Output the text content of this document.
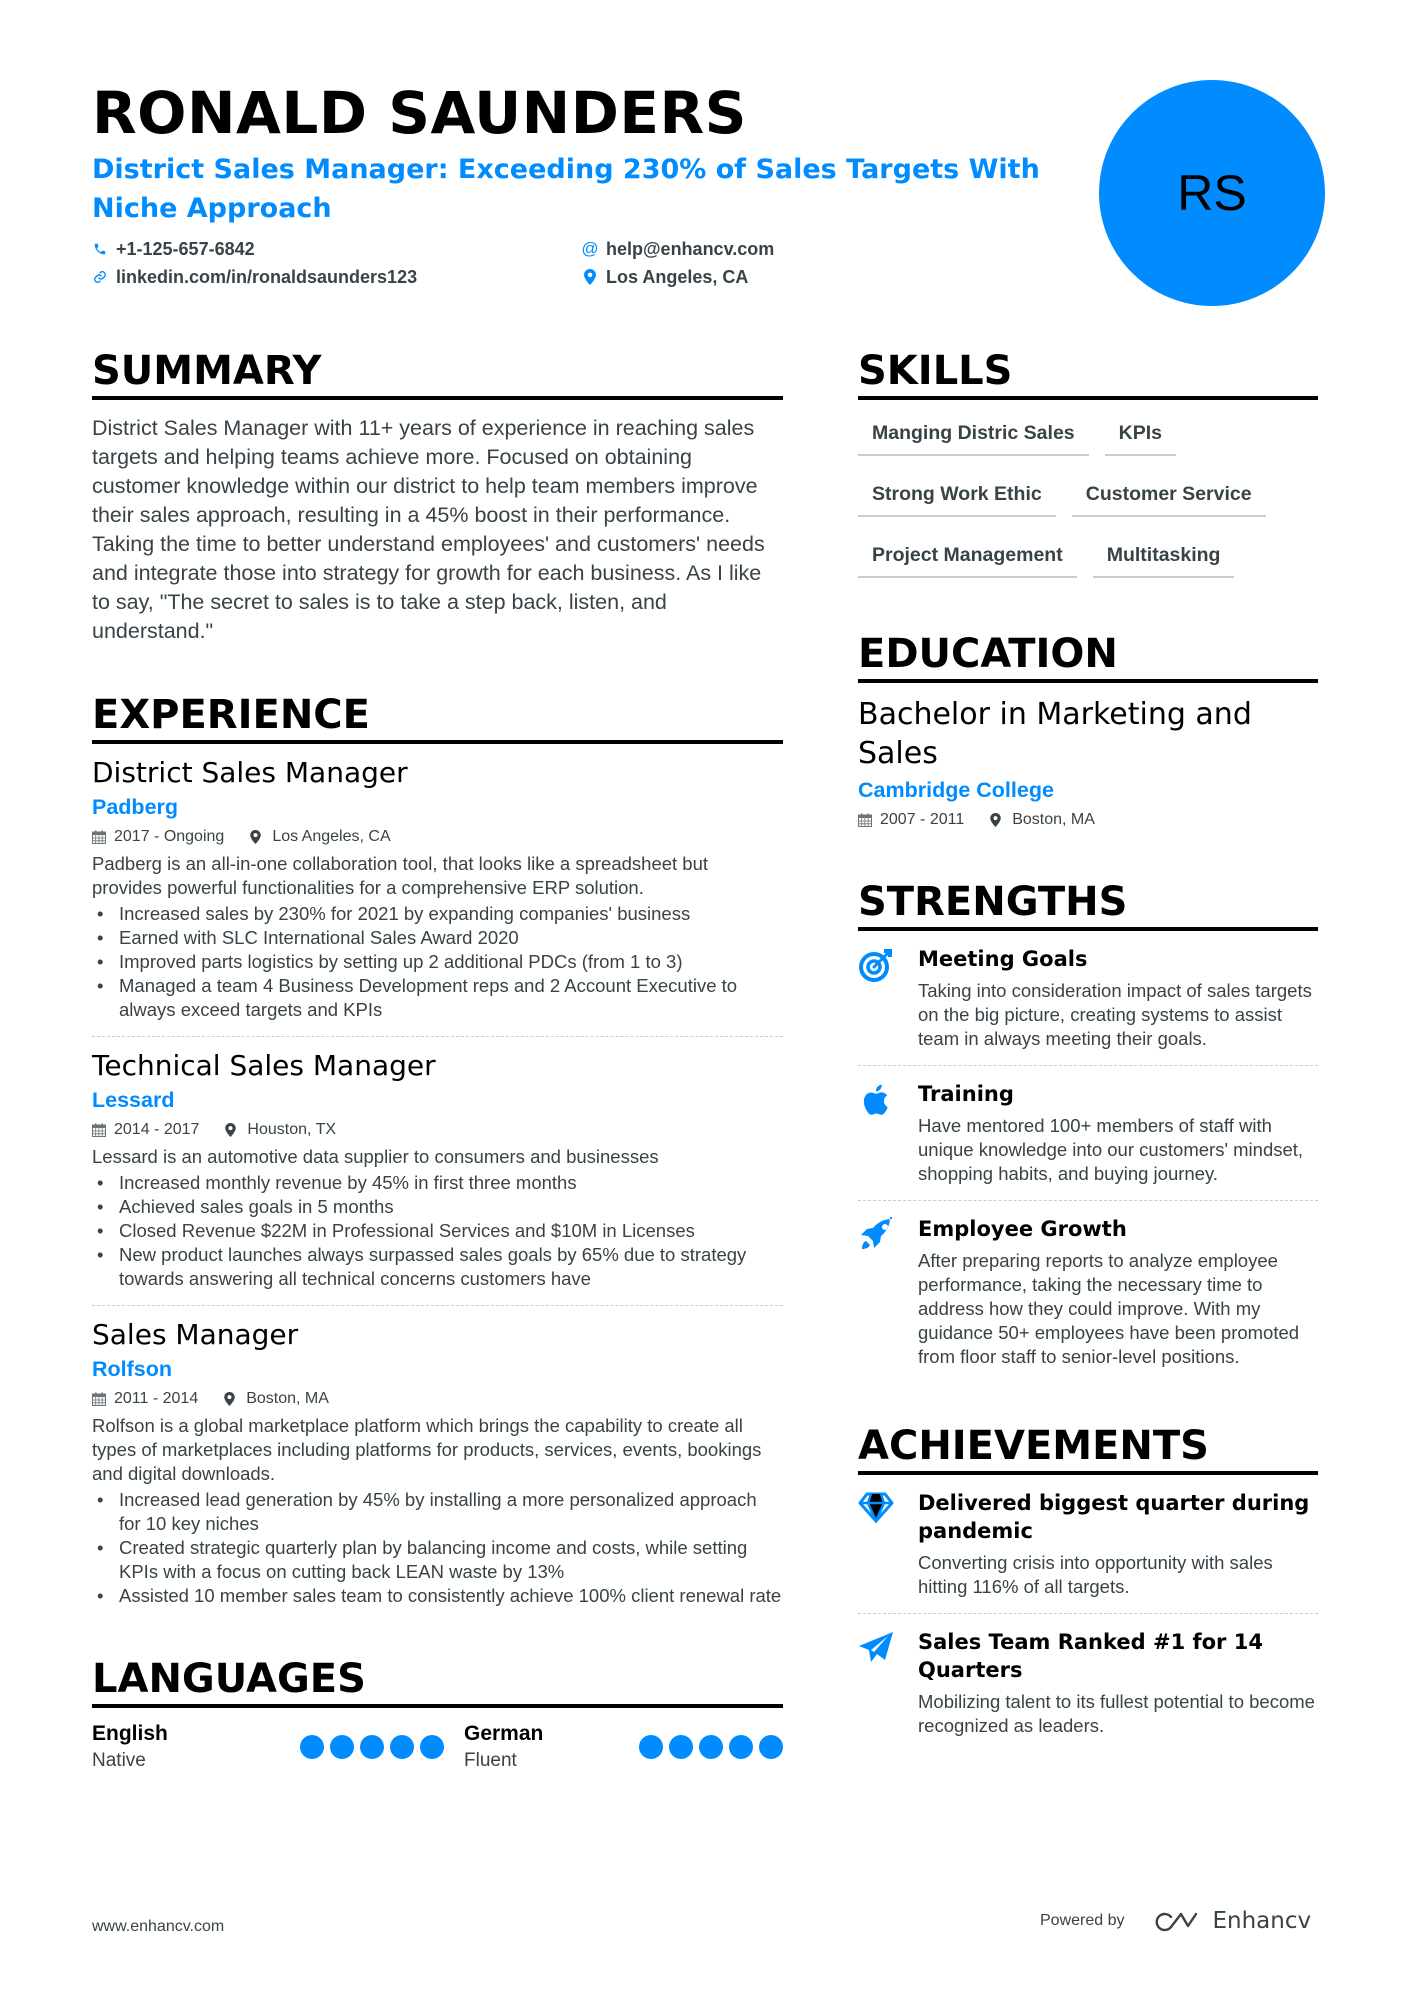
RONALD SAUNDERS
District Sales Manager: Exceeding 230% of Sales Targets With Niche Approach
+1-125-657-6842	@ help@enhancv.com
linkedin.com/in/ronaldsaunders123	Los Angeles, CA
RS
SUMMARY

District Sales Manager with 11+ years of experience in reaching sales targets and helping teams achieve more. Focused on obtaining customer knowledge within our district to help team members improve their sales approach, resulting in a 45% boost in their performance. Taking the time to better understand employees' and customers' needs and integrate those into strategy for growth for each business. As I like to say, "The secret to sales is to take a step back, listen, and understand."

EXPERIENCE
District Sales Manager
Padberg
2017 - Ongoing	Los Angeles, CA
Padberg is an all-in-one collaboration tool, that looks like a spreadsheet but provides powerful functionalities for a comprehensive ERP solution.
• Increased sales by 230% for 2021 by expanding companies' business
• Earned with SLC International Sales Award 2020
• Improved parts logistics by setting up 2 additional PDCs (from 1 to 3)
• Managed a team 4 Business Development reps and 2 Account Executive to always exceed targets and KPIs
Technical Sales Manager
Lessard
2014 - 2017	Houston, TX
Lessard is an automotive data supplier to consumers and businesses
• Increased monthly revenue by 45% in first three months
• Achieved sales goals in 5 months
• Closed Revenue $22M in Professional Services and $10M in Licenses
• New product launches always surpassed sales goals by 65% due to strategy towards answering all technical concerns customers have
Sales Manager
Rolfson
2011 - 2014	Boston, MA
Rolfson is a global marketplace platform which brings the capability to create all types of marketplaces including platforms for products, services, events, bookings and digital downloads.
• Increased lead generation by 45% by installing a more personalized approach for 10 key niches
• Created strategic quarterly plan by balancing income and costs, while setting KPIs with a focus on cutting back LEAN waste by 13%
• Assisted 10 member sales team to consistently achieve 100% client renewal rate
LANGUAGES
English
Native
German
Fluent
SKILLS
Manging Distric Sales	KPIs
Strong Work Ethic	Customer Service
Project Management	Multitasking
EDUCATION
Bachelor in Marketing and Sales
Cambridge College
2007 - 2011	Boston, MA
STRENGTHS
Meeting Goals
Taking into consideration impact of sales targets on the big picture, creating systems to assist team in always meeting their goals.
Training
Have mentored 100+ members of staff with unique knowledge into our customers' mindset, shopping habits, and buying journey.
Employee Growth
After preparing reports to analyze employee performance, taking the necessary time to address how they could improve. With my guidance 50+ employees have been promoted from floor staff to senior-level positions.
ACHIEVEMENTS
Delivered biggest quarter during pandemic
Converting crisis into opportunity with sales hitting 116% of all targets.
Sales Team Ranked #1 for 14 Quarters
Mobilizing talent to its fullest potential to become recognized as leaders.
www.enhancv.com	Powered by	Enhancv
